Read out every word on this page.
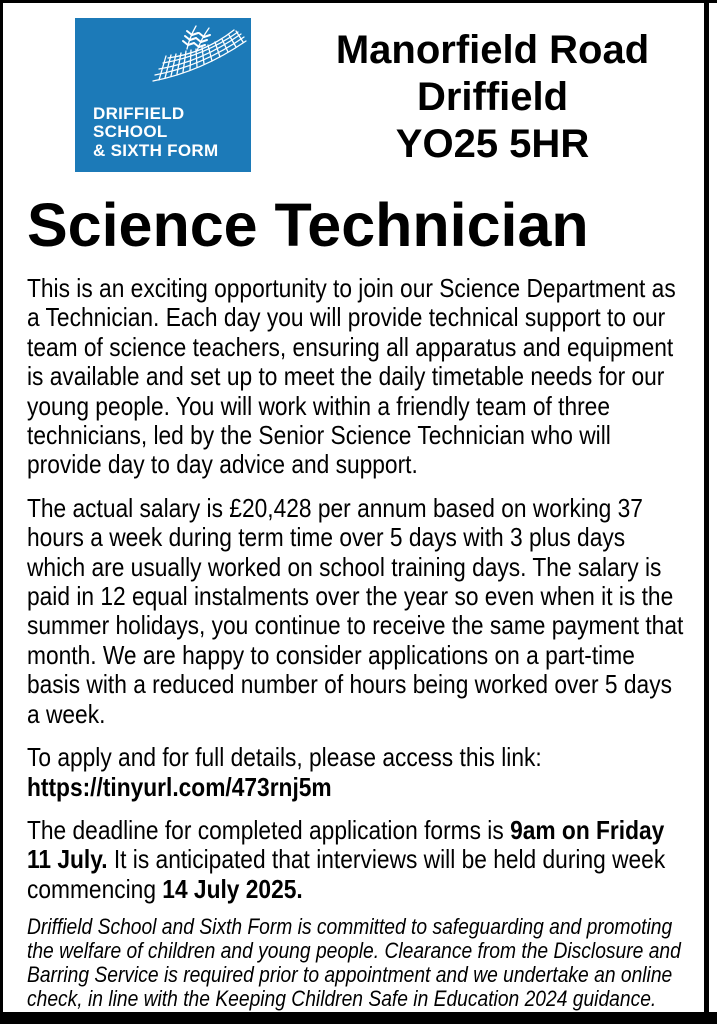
DRIFFIELD
SCHOOL
& SIXTH FORM
Manorfield Road
Driffield
YO25 5HR
Science Technician

This is an exciting opportunity to join our Science Department as a Technician. Each day you will provide technical support to our team of science teachers, ensuring all apparatus and equipment is available and set up to meet the daily timetable needs for our young people. You will work within a friendly team of three technicians, led by the Senior Science Technician who will provide day to day advice and support.

The actual salary is £20,428 per annum based on working 37 hours a week during term time over 5 days with 3 plus days which are usually worked on school training days. The salary is paid in 12 equal instalments over the year so even when it is the summer holidays, you continue to receive the same payment that month. We are happy to consider applications on a part-time basis with a reduced number of hours being worked over 5 days a week.

To apply and for full details, please access this link:
https://tinyurl.com/473rnj5m

The deadline for completed application forms is 9am on Friday 11 July. It is anticipated that interviews will be held during week commencing 14 July 2025.

Driffield School and Sixth Form is committed to safeguarding and promoting the welfare of children and young people. Clearance from the Disclosure and Barring Service is required prior to appointment and we undertake an online check, in line with the Keeping Children Safe in Education 2024 guidance.
